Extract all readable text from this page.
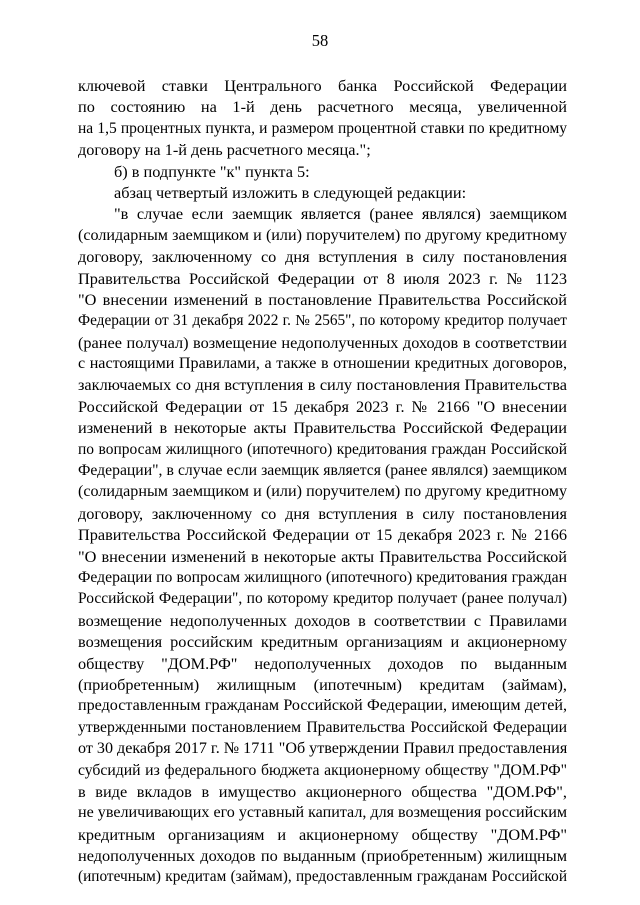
58
ключевой ставки Центрального банка Российской Федерации
по состоянию на 1-й день расчетного месяца, увеличенной
на 1,5 процентных пункта, и размером процентной ставки по кредитному
договору на 1-й день расчетного месяца.";
б) в подпункте "к" пункта 5:
абзац четвертый изложить в следующей редакции:
"в случае если заемщик является (ранее являлся) заемщиком
(солидарным заемщиком и (или) поручителем) по другому кредитному
договору, заключенному со дня вступления в силу постановления
Правительства Российской Федерации от 8 июля 2023 г. № 1123
"О внесении изменений в постановление Правительства Российской
Федерации от 31 декабря 2022 г. № 2565", по которому кредитор получает
(ранее получал) возмещение недополученных доходов в соответствии
с настоящими Правилами, а также в отношении кредитных договоров,
заключаемых со дня вступления в силу постановления Правительства
Российской Федерации от 15 декабря 2023 г. № 2166 "О внесении
изменений в некоторые акты Правительства Российской Федерации
по вопросам жилищного (ипотечного) кредитования граждан Российской
Федерации", в случае если заемщик является (ранее являлся) заемщиком
(солидарным заемщиком и (или) поручителем) по другому кредитному
договору, заключенному со дня вступления в силу постановления
Правительства Российской Федерации от 15 декабря 2023 г. № 2166
"О внесении изменений в некоторые акты Правительства Российской
Федерации по вопросам жилищного (ипотечного) кредитования граждан
Российской Федерации", по которому кредитор получает (ранее получал)
возмещение недополученных доходов в соответствии с Правилами
возмещения российским кредитным организациям и акционерному
обществу "ДОМ.РФ" недополученных доходов по выданным
(приобретенным) жилищным (ипотечным) кредитам (займам),
предоставленным гражданам Российской Федерации, имеющим детей,
утвержденными постановлением Правительства Российской Федерации
от 30 декабря 2017 г. № 1711 "Об утверждении Правил предоставления
субсидий из федерального бюджета акционерному обществу "ДОМ.РФ"
в виде вкладов в имущество акционерного общества "ДОМ.РФ",
не увеличивающих его уставный капитал, для возмещения российским
кредитным организациям и акционерному обществу "ДОМ.РФ"
недополученных доходов по выданным (приобретенным) жилищным
(ипотечным) кредитам (займам), предоставленным гражданам Российской
